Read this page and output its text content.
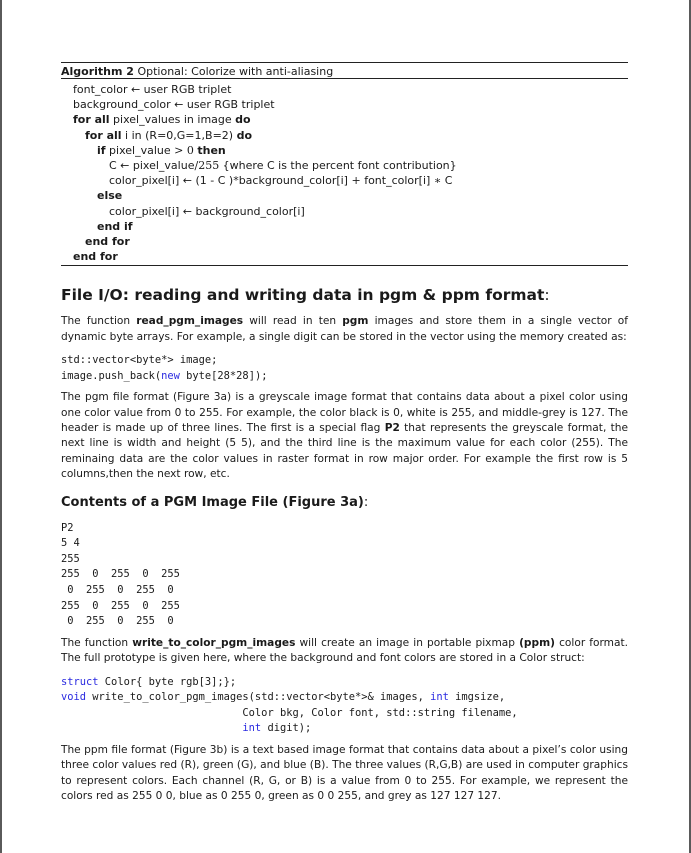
Algorithm 2 Optional: Colorize with anti-aliasing
font_color ← user RGB triplet
background_color ← user RGB triplet
for all pixel_values in image do
for all i in (R=0,G=1,B=2) do
if pixel_value > 0 then
C ← pixel_value/255 {where C is the percent font contribution}
color_pixel[i] ← (1 - C )*background_color[i] + font_color[i] ∗ C
else
color_pixel[i] ← background_color[i]
end if
end for
end for
File I/O: reading and writing data in pgm & ppm format:
The function read_pgm_images will read in ten pgm images and store them in a single vector of dynamic byte arrays. For example, a single digit can be stored in the vector using the memory created as:
std::vector<byte*> image;
image.push_back(new byte[28*28]);
The pgm file format (Figure 3a) is a greyscale image format that contains data about a pixel color using one color value from 0 to 255. For example, the color black is 0, white is 255, and middle-grey is 127. The header is made up of three lines. The first is a special flag P2 that represents the greyscale format, the next line is width and height (5 5), and the third line is the maximum value for each color (255). The reminaing data are the color values in raster format in row major order. For example the first row is 5 columns,then the next row, etc.
Contents of a PGM Image File (Figure 3a):
P2
5 4
255
255  0  255  0  255
0  255  0  255  0
255  0  255  0  255
0  255  0  255  0
The function write_to_color_pgm_images will create an image in portable pixmap (ppm) color format. The full prototype is given here, where the background and font colors are stored in a Color struct:
struct Color{ byte rgb[3];};
void write_to_color_pgm_images(std::vector<byte*>& images, int imgsize,
Color bkg, Color font, std::string filename,
int digit);
The ppm file format (Figure 3b) is a text based image format that contains data about a pixel’s color using three color values red (R), green (G), and blue (B). The three values (R,G,B) are used in computer graphics to represent colors. Each channel (R, G, or B) is a value from 0 to 255. For example, we represent the colors red as 255 0 0, blue as 0 255 0, green as 0 0 255, and grey as 127 127 127.
